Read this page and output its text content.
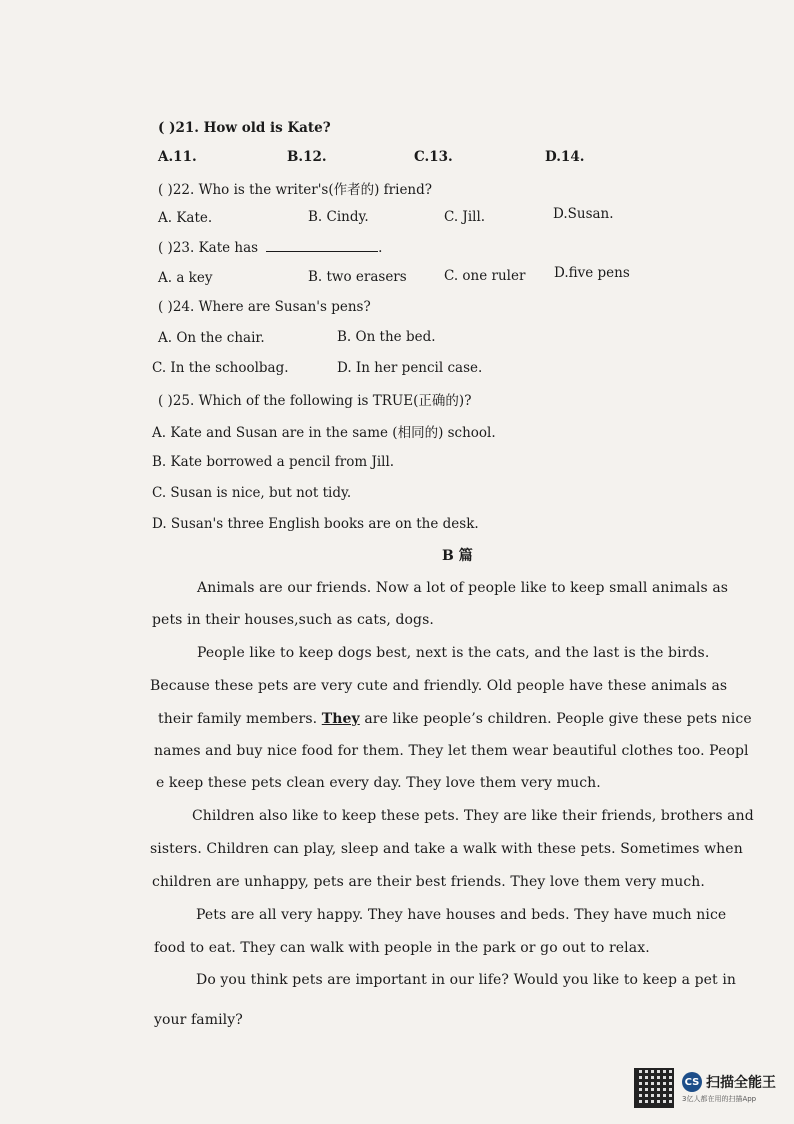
( )21. How old is Kate?
A.11.	B.12.	C.13.	D.14.
( )22. Who is the writer's(作者的) friend?
A. Kate.	B. Cindy.	C. Jill.	D.Susan.
( )23. Kate has	.
A. a key	B. two erasers	C. one ruler D.five pens
( )24. Where are Susan's pens?
A. On the chair.	B. On the bed.
C. In the schoolbag.	D. In her pencil case.
( )25. Which of the following is TRUE(正确的)?
A. Kate and Susan are in the same (相同的) school.
B. Kate borrowed a pencil from Jill.
C. Susan is nice, but not tidy.
D. Susan's three English books are on the desk.
B 篇
Animals are our friends. Now a lot of people like to keep small animals as
pets in their houses,such as cats, dogs.
People like to keep dogs best, next is the cats, and the last is the birds.
Because these pets are very cute and friendly. Old people have these animals as
their family members. They are like people’s children. People give these pets nice
names and buy nice food for them. They let them wear beautiful clothes too. Peopl
e keep these pets clean every day. They love them very much.
Children also like to keep these pets. They are like their friends, brothers and
sisters. Children can play, sleep and take a walk with these pets. Sometimes when
children are unhappy, pets are their best friends. They love them very much.
Pets are all very happy. They have houses and beds. They have much nice
food to eat. They can walk with people in the park or go out to relax.
Do you think pets are important in our life? Would you like to keep a pet in
your family?
CS 扫描全能王
3亿人都在用的扫描App
